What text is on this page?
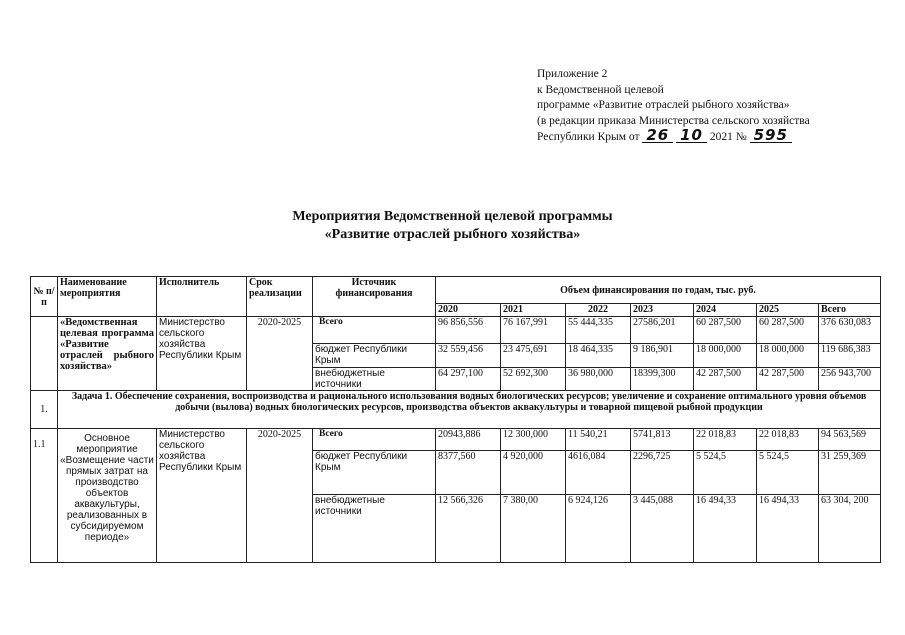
Приложение 2
к Ведомственной целевой
программе «Развитие отраслей рыбного хозяйства»
(в редакции приказа Министерства сельского хозяйства
Республики Крым от 26 10 2021 № 595
Мероприятия Ведомственной целевой программы
«Развитие отраслей рыбного хозяйства»
№ п/п	Наименование мероприятия	Исполнитель	Срок реализации	Источник финансирования	Объем финансирования по годам, тыс. руб.						
					2020	2021	2022	2023	2024	2025	Всего
	«Ведомственная целевая программа «Развитие отраслей рыбного хозяйства»	Министерство сельского хозяйства Республики Крым	2020-2025	Всего	96 856,556	76 167,991	55 444,335	27586,201	60 287,500	60 287,500	376 630,083
				бюджет Республики Крым	32 559,456	23 475,691	18 464,335	9 186,901	18 000,000	18 000,000	119 686,383
				внебюджетные источники	64 297,100	52 692,300	36 980,000	18399,300	42 287,500	42 287,500	256 943,700
1.	Задача 1. Обеспечение сохранения, воспроизводства и рационального использования водных биологических ресурсов; увеличение и сохранение оптимального уровня объемов добычи (вылова) водных биологических ресурсов, производства объектов аквакультуры и товарной пищевой рыбной продукции										
1.1	Основное мероприятие «Возмещение части прямых затрат на производство объектов аквакультуры, реализованных в субсидируемом периоде»	Министерство сельского хозяйства Республики Крым	2020-2025	Всего	20943,886	12 300,000	11 540,21	5741,813	22 018,83	22 018,83	94 563,569
				бюджет Республики Крым	8377,560	4 920,000	4616,084	2296,725	5 524,5	5 524,5	31 259,369
				внебюджетные источники	12 566,326	7 380,00	6 924,126	3 445,088	16 494,33	16 494,33	63 304, 200
